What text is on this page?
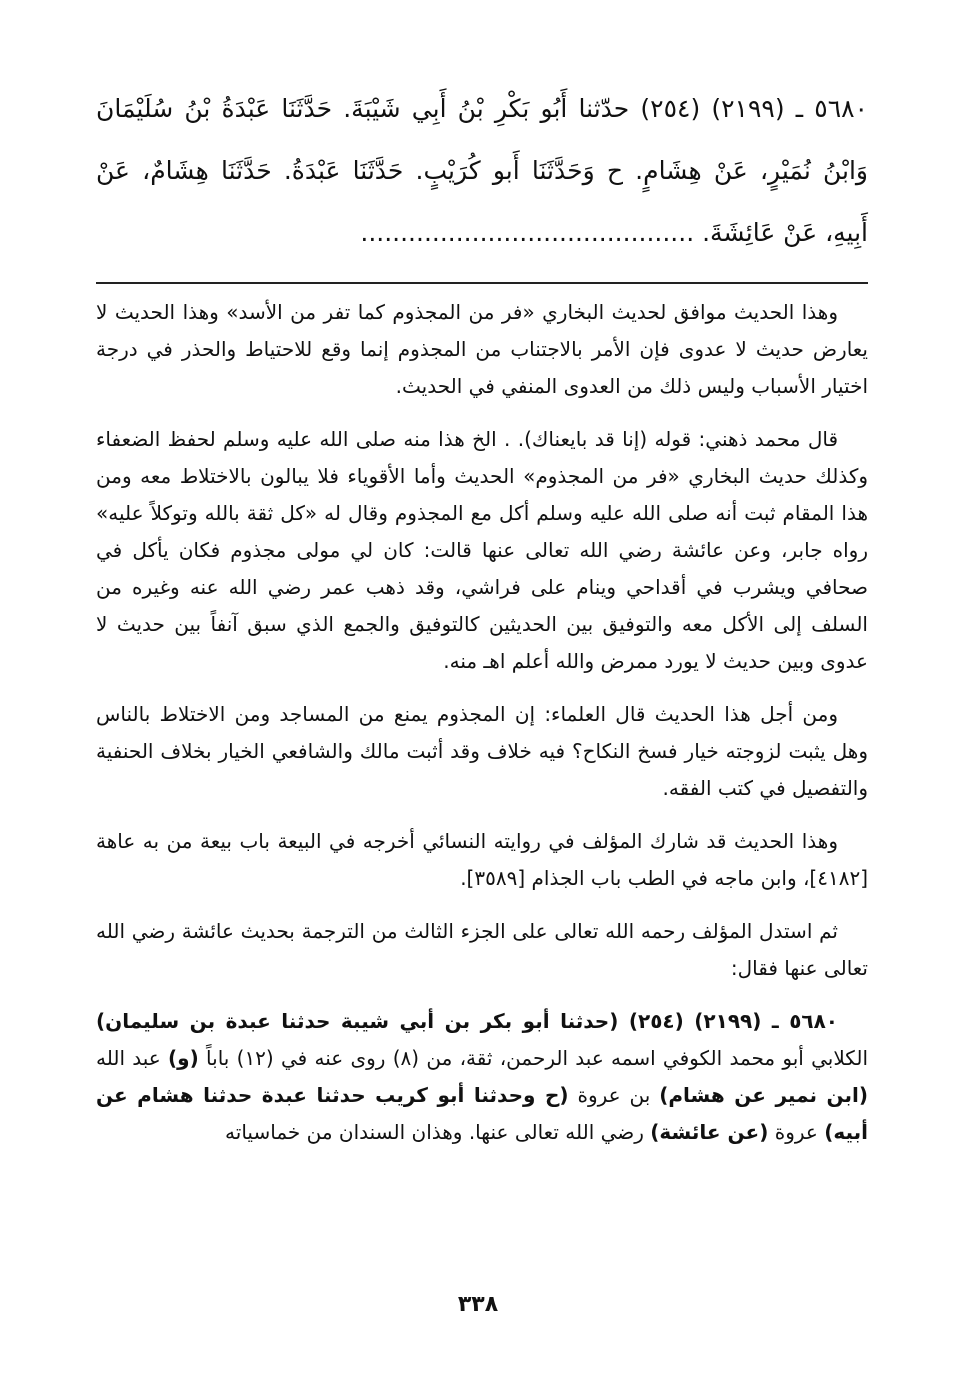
٥٦٨٠ ـ (٢١٩٩) (٢٥٤) حدّثنا أَبُو بَكْرِ بْنُ أَبِي شَيْبَةَ. حَدَّثَنَا عَبْدَةُ بْنُ سُلَيْمَانَ وَابْنُ نُمَيْرٍ، عَنْ هِشَامٍ. ح وَحَدَّثَنَا أَبو كُرَيْبٍ. حَدَّثَنَا عَبْدَةُ. حَدَّثَنَا هِشَامٌ، عَنْ أَبِيهِ، عَنْ عَائِشَةَ. ..........................................

وهذا الحديث موافق لحديث البخاري «فر من المجذوم كما تفر من الأسد» وهذا الحديث لا يعارض حديث لا عدوى فإن الأمر بالاجتناب من المجذوم إنما وقع للاحتياط والحذر في درجة اختيار الأسباب وليس ذلك من العدوى المنفي في الحديث.

قال محمد ذهني: قوله (إنا قد بايعناك). . الخ هذا منه صلى الله عليه وسلم لحفظ الضعفاء وكذلك حديث البخاري «فر من المجذوم» الحديث وأما الأقوياء فلا يبالون بالاختلاط معه ومن هذا المقام ثبت أنه صلى الله عليه وسلم أكل مع المجذوم وقال له «كل ثقة بالله وتوكلاً عليه» رواه جابر، وعن عائشة رضي الله تعالى عنها قالت: كان لي مولى مجذوم فكان يأكل في صحافي ويشرب في أقداحي وينام على فراشي، وقد ذهب عمر رضي الله عنه وغيره من السلف إلى الأكل معه والتوفيق بين الحديثين كالتوفيق والجمع الذي سبق آنفاً بين حديث لا عدوى وبين حديث لا يورد ممرض والله أعلم اهـ منه.

ومن أجل هذا الحديث قال العلماء: إن المجذوم يمنع من المساجد ومن الاختلاط بالناس وهل يثبت لزوجته خيار فسخ النكاح؟ فيه خلاف وقد أثبت مالك والشافعي الخيار بخلاف الحنفية والتفصيل في كتب الفقه.

وهذا الحديث قد شارك المؤلف في روايته النسائي أخرجه في البيعة باب بيعة من به عاهة [٤١٨٢]، وابن ماجه في الطب باب الجذام [٣٥٨٩].

ثم استدل المؤلف رحمه الله تعالى على الجزء الثالث من الترجمة بحديث عائشة رضي الله تعالى عنها فقال:

٥٦٨٠ ـ (٢١٩٩) (٢٥٤) (حدثنا أبو بكر بن أبي شيبة حدثنا عبدة بن سليمان) الكلابي أبو محمد الكوفي اسمه عبد الرحمن، ثقة، من (٨) روى عنه في (١٢) باباً (و) عبد الله (ابن نمير عن هشام) بن عروة (ح وحدثنا أبو كريب حدثنا عبدة حدثنا هشام عن أبيه) عروة (عن عائشة) رضي الله تعالى عنها. وهذان السندان من خماسياته

٣٣٨
